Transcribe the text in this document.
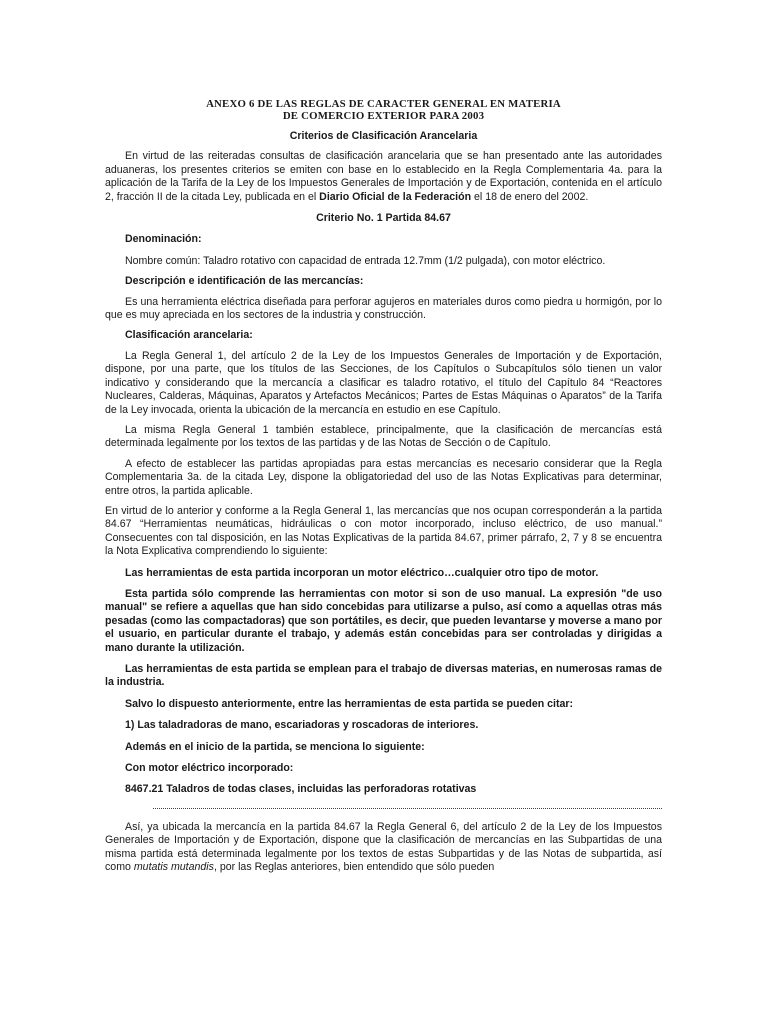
ANEXO 6 DE LAS REGLAS DE CARACTER GENERAL EN MATERIA
DE COMERCIO EXTERIOR PARA 2003

Criterios de Clasificación Arancelaria

En virtud de las reiteradas consultas de clasificación arancelaria que se han presentado ante las autoridades aduaneras, los presentes criterios se emiten con base en lo establecido en la Regla Complementaria 4a. para la aplicación de la Tarifa de la Ley de los Impuestos Generales de Importación y de Exportación, contenida en el artículo 2, fracción II de la citada Ley, publicada en el Diario Oficial de la Federación el 18 de enero del 2002.

Criterio No. 1 Partida 84.67

Denominación:

Nombre común: Taladro rotativo con capacidad de entrada 12.7mm (1/2 pulgada), con motor eléctrico.

Descripción e identificación de las mercancías:

Es una herramienta eléctrica diseñada para perforar agujeros en materiales duros como piedra u hormigón, por lo que es muy apreciada en los sectores de la industria y construcción.

Clasificación arancelaria:

La Regla General 1, del artículo 2 de la Ley de los Impuestos Generales de Importación y de Exportación, dispone, por una parte, que los títulos de las Secciones, de los Capítulos o Subcapítulos sólo tienen un valor indicativo y considerando que la mercancía a clasificar es taladro rotativo, el título del Capítulo 84 “Reactores Nucleares, Calderas, Máquinas, Aparatos y Artefactos Mecánicos; Partes de Estas Máquinas o Aparatos” de la Tarifa de la Ley invocada, orienta la ubicación de la mercancía en estudio en ese Capítulo.

La misma Regla General 1 también establece, principalmente, que la clasificación de mercancías está determinada legalmente por los textos de las partidas y de las Notas de Sección o de Capítulo.

A efecto de establecer las partidas apropiadas para estas mercancías es necesario considerar que la Regla Complementaria 3a. de la citada Ley, dispone la obligatoriedad del uso de las Notas Explicativas para determinar, entre otros, la partida aplicable.

En virtud de lo anterior y conforme a la Regla General 1, las mercancías que nos ocupan corresponderán a la partida 84.67 “Herramientas neumáticas, hidráulicas o con motor incorporado, incluso eléctrico, de uso manual.” Consecuentes con tal disposición, en las Notas Explicativas de la partida 84.67, primer párrafo, 2, 7 y 8 se encuentra la Nota Explicativa comprendiendo lo siguiente:

Las herramientas de esta partida incorporan un motor eléctrico…cualquier otro tipo de motor.

Esta partida sólo comprende las herramientas con motor si son de uso manual. La expresión "de uso manual" se refiere a aquellas que han sido concebidas para utilizarse a pulso, así como a aquellas otras más pesadas (como las compactadoras) que son portátiles, es decir, que pueden levantarse y moverse a mano por el usuario, en particular durante el trabajo, y además están concebidas para ser controladas y dirigidas a mano durante la utilización.

Las herramientas de esta partida se emplean para el trabajo de diversas materias, en numerosas ramas de la industria.

Salvo lo dispuesto anteriormente, entre las herramientas de esta partida se pueden citar:

1) Las taladradoras de mano, escariadoras y roscadoras de interiores.

Además en el inicio de la partida, se menciona lo siguiente:

Con motor eléctrico incorporado:

8467.21 Taladros de todas clases, incluidas las perforadoras rotativas

Así, ya ubicada la mercancía en la partida 84.67 la Regla General 6, del artículo 2 de la Ley de los Impuestos Generales de Importación y de Exportación, dispone que la clasificación de mercancías en las Subpartidas de una misma partida está determinada legalmente por los textos de estas Subpartidas y de las Notas de subpartida, así como mutatis mutandis, por las Reglas anteriores, bien entendido que sólo pueden
